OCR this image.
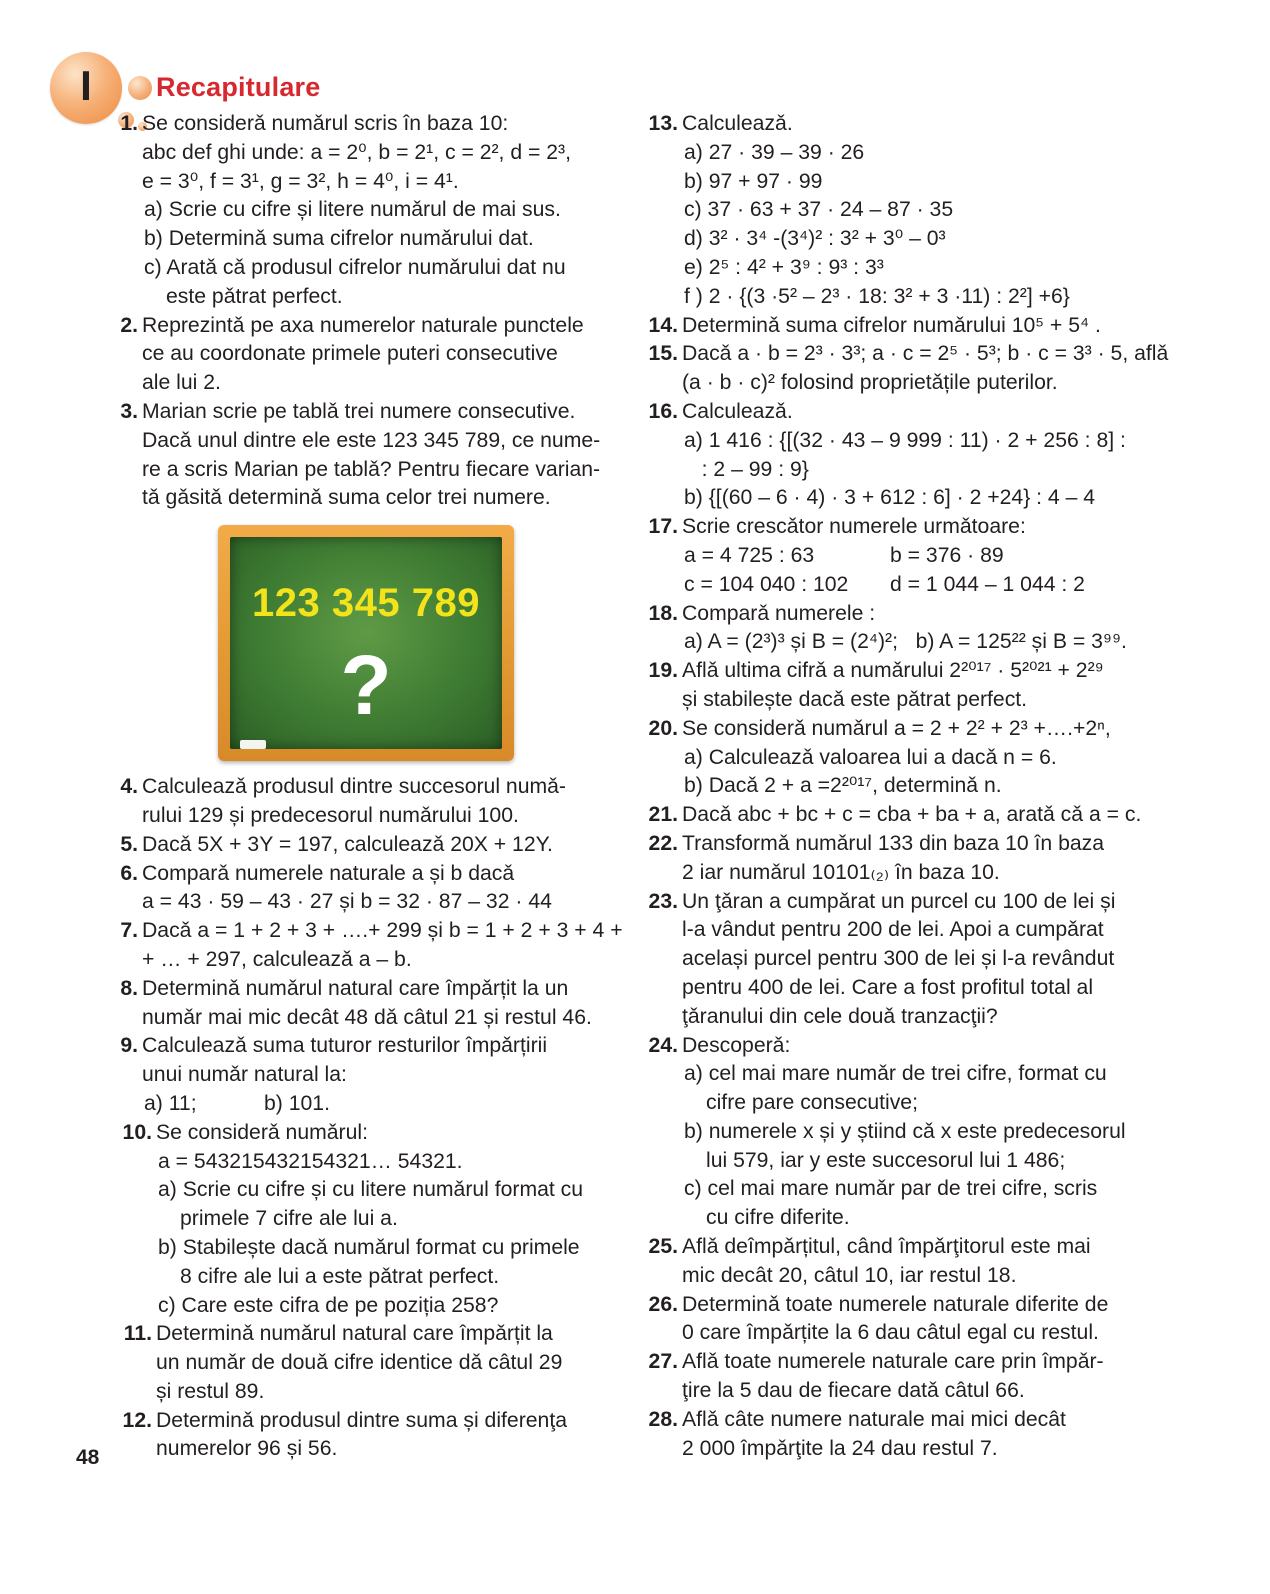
I	Recapitulare
1. Se considerǎ numǎrul scris în baza 10:
abc def ghi unde: a = 2⁰, b = 2¹, c = 2², d = 2³,
e = 3⁰, f = 3¹, g = 3², h = 4⁰, i = 4¹.
a) Scrie cu cifre și litere numǎrul de mai sus.
b) Determinǎ suma cifrelor numǎrului dat.
c) Aratǎ cǎ produsul cifrelor numǎrului dat nu
este pǎtrat perfect.
2. Reprezintǎ pe axa numerelor naturale punctele
ce au coordonate primele puteri consecutive
ale lui 2.
3. Marian scrie pe tablǎ trei numere consecutive.
Dacǎ unul dintre ele este 123 345 789, ce nume-
re a scris Marian pe tablǎ? Pentru fiecare varian-
tǎ gǎsitǎ determinǎ suma celor trei numere.
123 345 789
?
4. Calculeazǎ produsul dintre succesorul numǎ-
rului 129 și predecesorul numǎrului 100.
5. Dacǎ 5X + 3Y = 197, calculeazǎ 20X + 12Y.
6. Comparǎ numerele naturale a și b dacǎ
a = 43 · 59 – 43 · 27 și b = 32 · 87 – 32 · 44
7. Dacǎ a = 1 + 2 + 3 + ….+ 299 și b = 1 + 2 + 3 + 4 +
+ … + 297, calculeazǎ a – b.
8. Determinǎ numǎrul natural care împǎrțit la un
numǎr mai mic decât 48 dǎ câtul 21 și restul 46.
9. Calculeazǎ suma tuturor resturilor împǎrțirii
unui numǎr natural la:
a) 11;	b) 101.
10. Se considerǎ numǎrul:
a = 543215432154321… 54321.
a) Scrie cu cifre și cu litere numǎrul format cu
primele 7 cifre ale lui a.
b) Stabilește dacǎ numǎrul format cu primele
8 cifre ale lui a este pǎtrat perfect.
c) Care este cifra de pe poziția 258?
11. Determinǎ numǎrul natural care împǎrțit la
un numǎr de douǎ cifre identice dǎ câtul 29
și restul 89.
12. Determinǎ produsul dintre suma și diferenţa
numerelor 96 și 56.
13. Calculeazǎ.
a) 27 · 39 – 39 · 26
b) 97 + 97 · 99
c) 37 · 63 + 37 · 24 – 87 · 35
d) 3² · 3⁴ -(3⁴)² : 3² + 3⁰ – 0³
e) 2⁵ : 4² + 3⁹ : 9³ : 3³
f ) 2 · {(3 ·5² – 2³ · 18: 3² + 3 ·11) : 2²] +6}
14. Determinǎ suma cifrelor numǎrului 10⁵ + 5⁴ .
15. Dacǎ a · b = 2³ · 3³; a · c = 2⁵ · 5³; b · c = 3³ · 5, aflǎ
(a · b · c)² folosind proprietǎțile puterilor.
16. Calculeazǎ.
a) 1 416 : {[(32 · 43 – 9 999 : 11) · 2 + 256 : 8] :
: 2 – 99 : 9}
b) {[(60 – 6 · 4) · 3 + 612 : 6] · 2 +24} : 4 – 4
17. Scrie crescǎtor numerele urmǎtoare:
a = 4 725 : 63	b = 376 · 89
c = 104 040 : 102 d = 1 044 – 1 044 : 2
18. Comparǎ numerele :
a) A = (2³)³ și B = (2⁴)²;   b) A = 125²² și B = 3⁹⁹.
19. Aflǎ ultima cifrǎ a numǎrului 2²⁰¹⁷ · 5²⁰²¹ + 2²⁹
și stabilește dacǎ este pǎtrat perfect.
20. Se considerǎ numǎrul a = 2 + 2² + 2³ +….+2ⁿ,
a) Calculeazǎ valoarea lui a dacǎ n = 6.
b) Dacǎ 2 + a =2²⁰¹⁷, determinǎ n.
21. Dacǎ abc + bc + c = cba + ba + a, aratǎ cǎ a = c.
22. Transformǎ numǎrul 133 din baza 10 în baza
2 iar numǎrul 10101₍₂₎ în baza 10.
23. Un ţǎran a cumpǎrat un purcel cu 100 de lei și
l-a vândut pentru 200 de lei. Apoi a cumpǎrat
același purcel pentru 300 de lei și l-a revândut
pentru 400 de lei. Care a fost profitul total al
ţǎranului din cele douǎ tranzacţii?
24. Descoperǎ:
a) cel mai mare numǎr de trei cifre, format cu
cifre pare consecutive;
b) numerele x și y știind cǎ x este predecesorul
lui 579, iar y este succesorul lui 1 486;
c) cel mai mare numǎr par de trei cifre, scris
cu cifre diferite.
25. Aflǎ deîmpǎrțitul, când împǎrţitorul este mai
mic decât 20, câtul 10, iar restul 18.
26. Determinǎ toate numerele naturale diferite de
0 care împǎrțite la 6 dau câtul egal cu restul.
27. Aflǎ toate numerele naturale care prin împǎr-
ţire la 5 dau de fiecare datǎ câtul 66.
28. Aflǎ câte numere naturale mai mici decât
2 000 împǎrţite la 24 dau restul 7.
48
